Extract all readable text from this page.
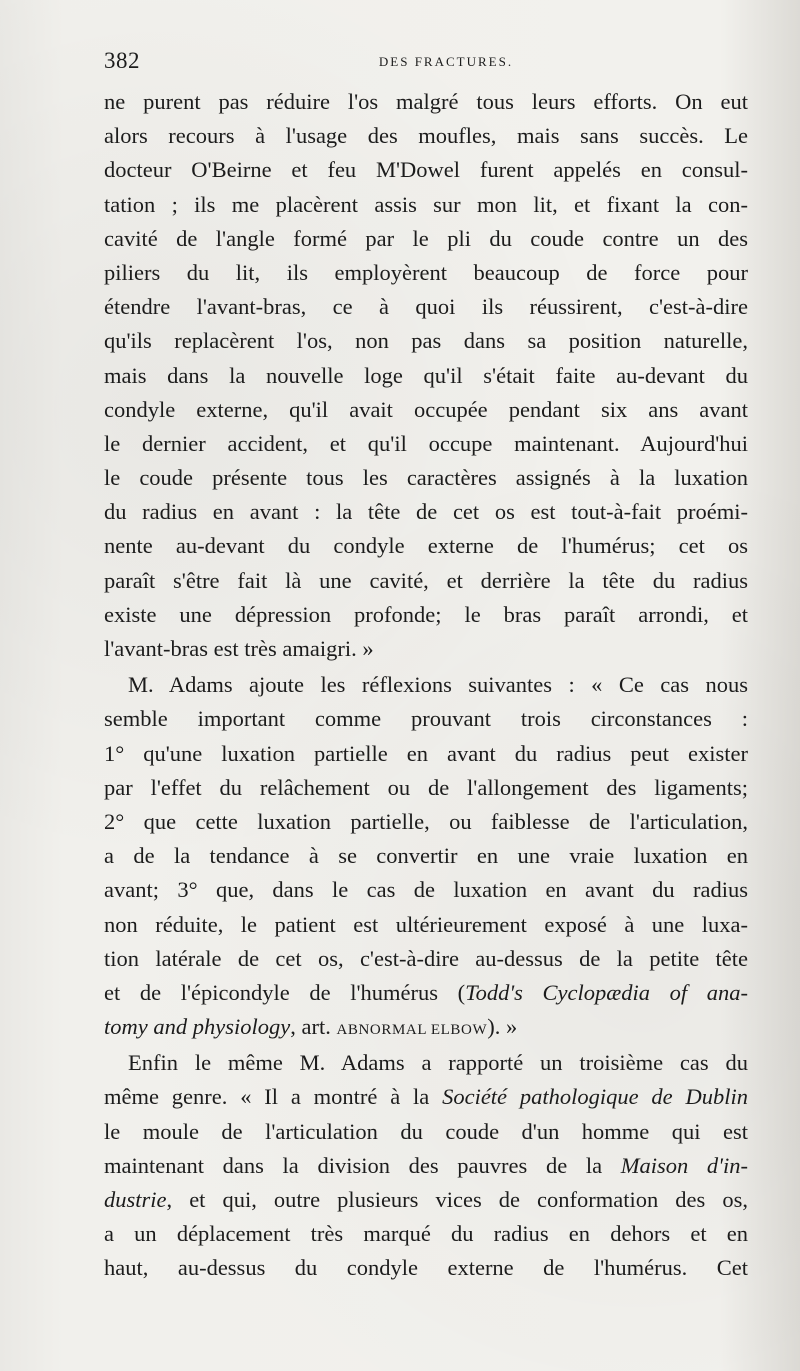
382	DES FRACTURES.
ne purent pas réduire l'os malgré tous leurs efforts. On eut
alors recours à l'usage des moufles, mais sans succès. Le
docteur O'Beirne et feu M'Dowel furent appelés en consul-
tation ; ils me placèrent assis sur mon lit, et fixant la con-
cavité de l'angle formé par le pli du coude contre un des
piliers du lit, ils employèrent beaucoup de force pour
étendre l'avant-bras, ce à quoi ils réussirent, c'est-à-dire
qu'ils replacèrent l'os, non pas dans sa position naturelle,
mais dans la nouvelle loge qu'il s'était faite au-devant du
condyle externe, qu'il avait occupée pendant six ans avant
le dernier accident, et qu'il occupe maintenant. Aujourd'hui
le coude présente tous les caractères assignés à la luxation
du radius en avant : la tête de cet os est tout-à-fait proémi-
nente au-devant du condyle externe de l'humérus; cet os
paraît s'être fait là une cavité, et derrière la tête du radius
existe une dépression profonde; le bras paraît arrondi, et
l'avant-bras est très amaigri. »
M. Adams ajoute les réflexions suivantes : « Ce cas nous
semble important comme prouvant trois circonstances :
1° qu'une luxation partielle en avant du radius peut exister
par l'effet du relâchement ou de l'allongement des ligaments;
2° que cette luxation partielle, ou faiblesse de l'articulation,
a de la tendance à se convertir en une vraie luxation en
avant; 3° que, dans le cas de luxation en avant du radius
non réduite, le patient est ultérieurement exposé à une luxa-
tion latérale de cet os, c'est-à-dire au-dessus de la petite tête
et de l'épicondyle de l'humérus (Todd's Cyclopædia of ana-
tomy and physiology, art. ABNORMAL ELBOW). »
Enfin le même M. Adams a rapporté un troisième cas du
même genre. « Il a montré à la Société pathologique de Dublin
le moule de l'articulation du coude d'un homme qui est
maintenant dans la division des pauvres de la Maison d'in-
dustrie, et qui, outre plusieurs vices de conformation des os,
a un déplacement très marqué du radius en dehors et en
haut, au-dessus du condyle externe de l'humérus. Cet
